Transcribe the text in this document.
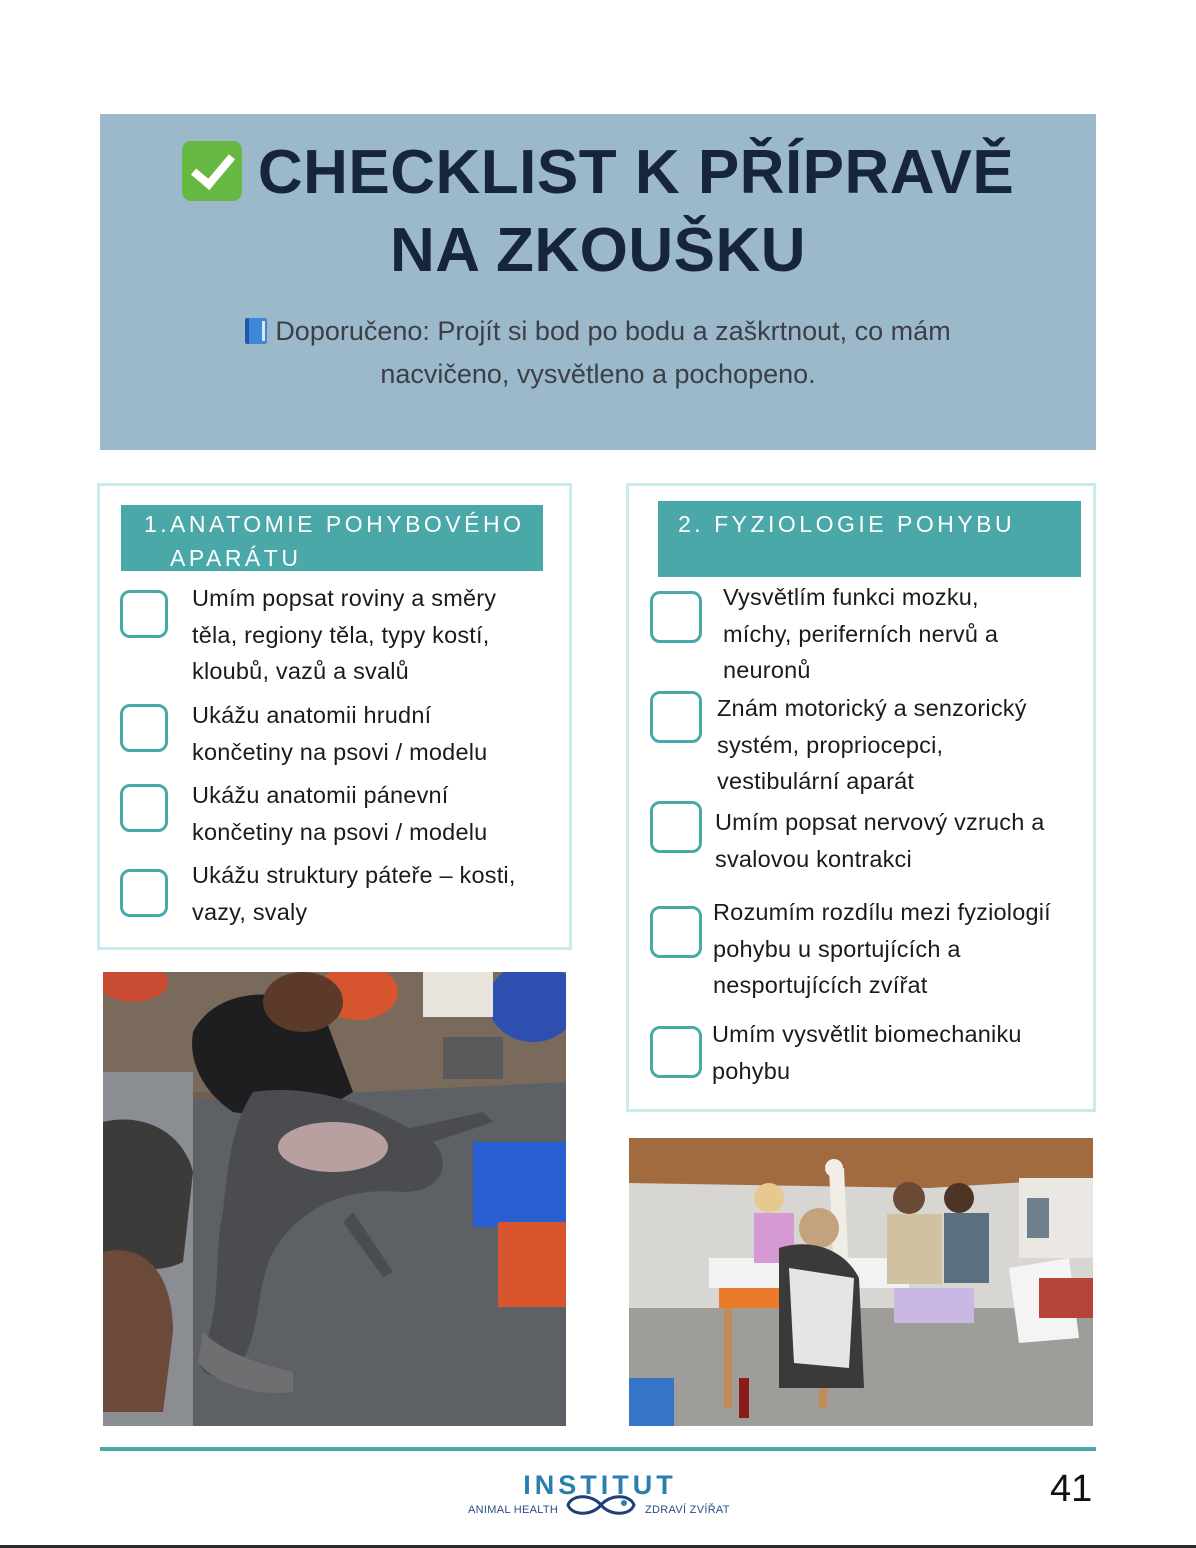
CHECKLIST K PŘÍPRAVĚ
NA ZKOUŠKU
Doporučeno: Projít si bod po bodu a zaškrtnout, co mám nacvičeno, vysvětleno a pochopeno.
1. ANATOMIE POHYBOVÉHO APARÁTU
Umím popsat roviny a směry těla, regiony těla, typy kostí, kloubů, vazů a svalů
Ukážu anatomii hrudní končetiny na psovi / modelu
Ukážu anatomii pánevní končetiny na psovi / modelu
Ukážu struktury páteře – kosti, vazy, svaly
2. FYZIOLOGIE POHYBU
Vysvětlím funkci mozku, míchy, periferních nervů a neuronů
Znám motorický a senzorický systém, propriocepci, vestibulární aparát
Umím popsat nervový vzruch a svalovou kontrakci
Rozumím rozdílu mezi fyziologií pohybu u sportujících a nesportujících zvířat
Umím vysvětlit biomechaniku pohybu
INSTITUT
ANIMAL HEALTH	ZDRAVÍ ZVÍŘAT	41
